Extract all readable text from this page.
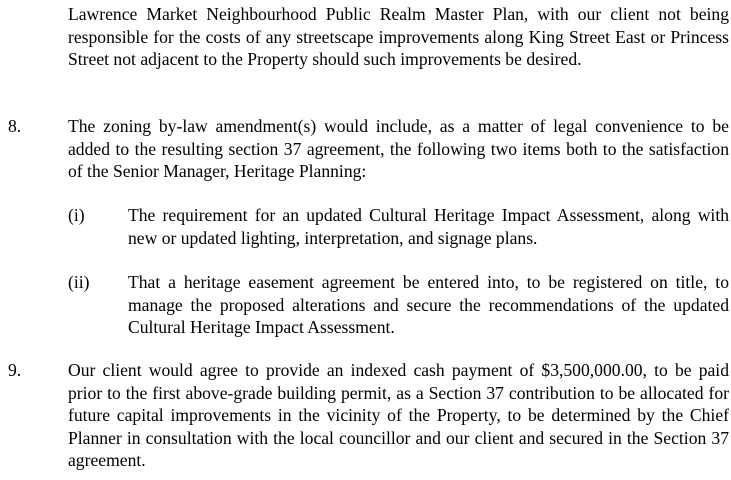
Lawrence Market Neighbourhood Public Realm Master Plan, with our client not being responsible for the costs of any streetscape improvements along King Street East or Princess Street not adjacent to the Property should such improvements be desired.
8.	The zoning by-law amendment(s) would include, as a matter of legal convenience to be added to the resulting section 37 agreement, the following two items both to the satisfaction of the Senior Manager, Heritage Planning:
(i) The requirement for an updated Cultural Heritage Impact Assessment, along with new or updated lighting, interpretation, and signage plans.
(ii) That a heritage easement agreement be entered into, to be registered on title, to manage the proposed alterations and secure the recommendations of the updated Cultural Heritage Impact Assessment.
9.	Our client would agree to provide an indexed cash payment of $3,500,000.00, to be paid prior to the first above-grade building permit, as a Section 37 contribution to be allocated for future capital improvements in the vicinity of the Property, to be determined by the Chief Planner in consultation with the local councillor and our client and secured in the Section 37 agreement.
